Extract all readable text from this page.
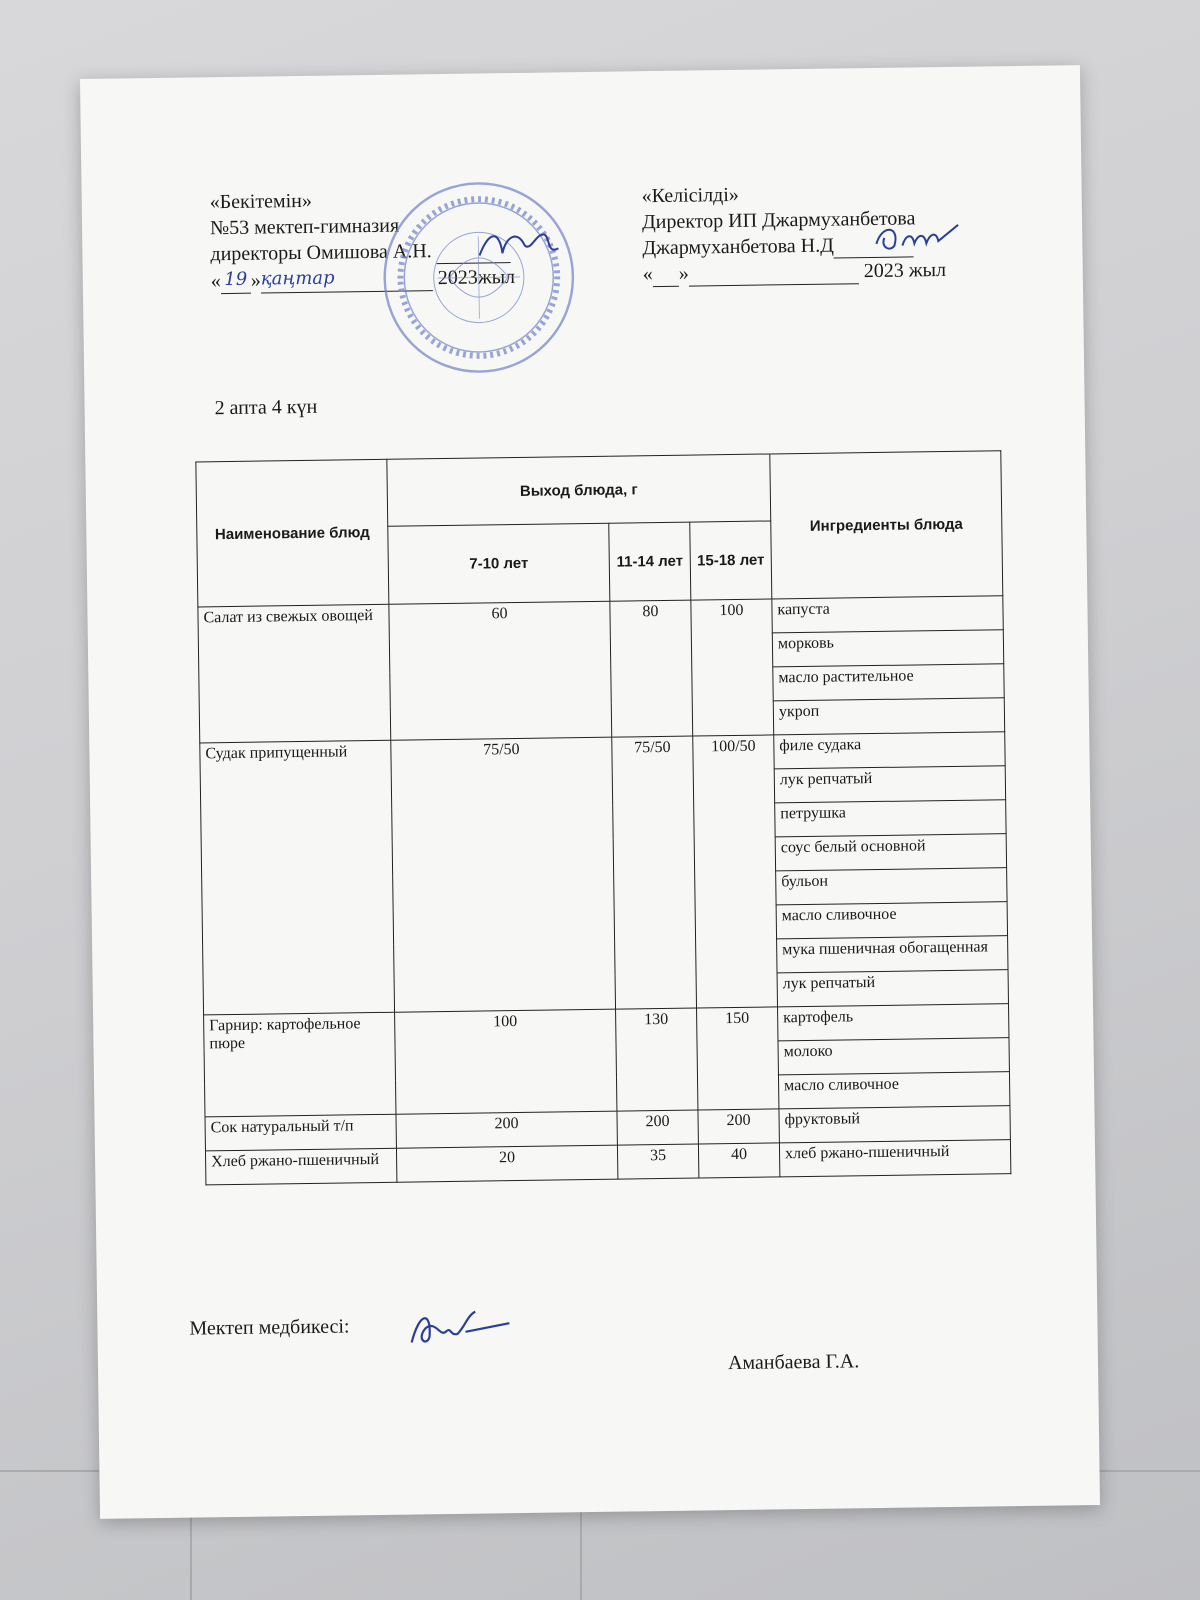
«Бекітемін»
№53 мектеп-гимназия
директоры Омишова А.Н.
« 19 »қаңтар	2023жыл
«Келісілді»
Директор ИП Джармуханбетова
Джармуханбетова Н.Д
« »	2023 жыл
2 апта 4 күн
Наименование блюд	Выход блюда, г			Ингредиенты блюда
	7-10 лет	11-14 лет	15-18 лет	
Салат из свежых овощей	60	80	100	капуста
				морковь
				масло растительное
				укроп
Судак припущенный	75/50	75/50	100/50	филе судака
				лук репчатый
				петрушка
				соус белый основной
				бульон
				масло сливочное
				мука пшеничная обогащенная
				лук репчатый
Гарнир: картофельное пюре	100	130	150	картофель
				молоко
				масло сливочное
Сок натуральный т/п	200	200	200	фруктовый
Хлеб ржано-пшеничный	20	35	40	хлеб ржано-пшеничный
Мектеп медбикесі:
Аманбаева Г.А.
